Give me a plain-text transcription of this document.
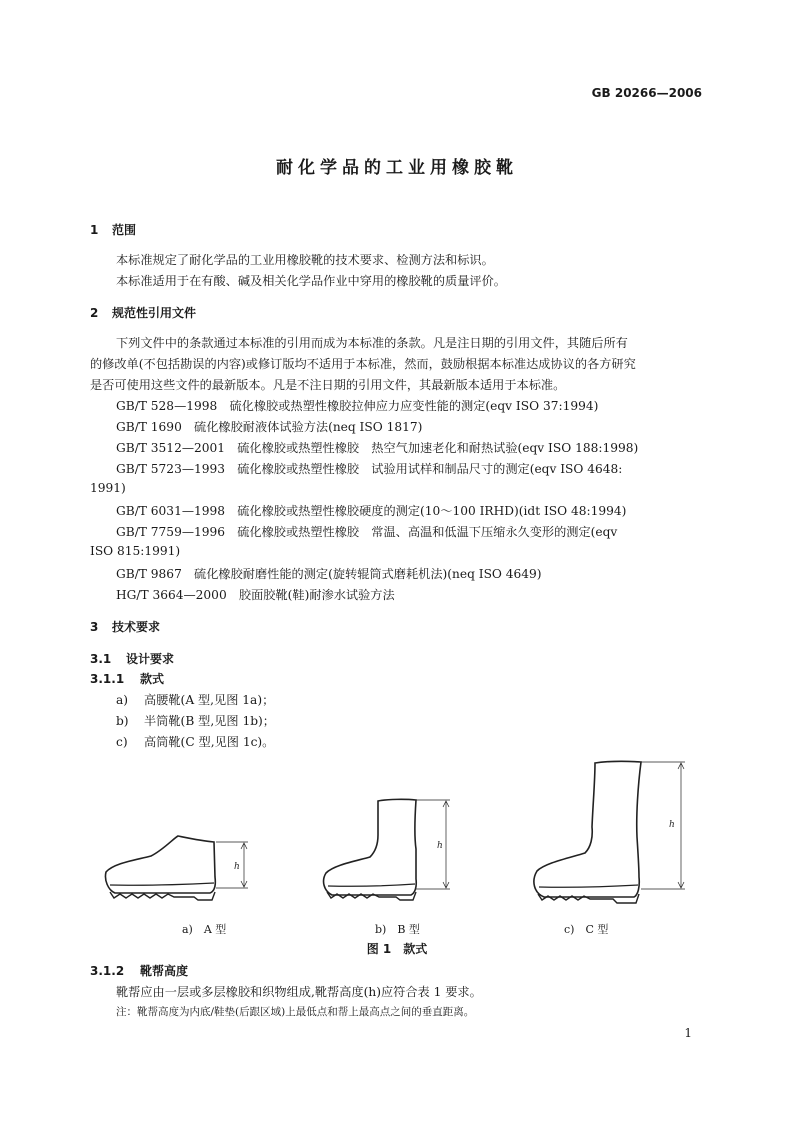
GB 20266—2006
耐化学品的工业用橡胶靴
1 范围
本标准规定了耐化学品的工业用橡胶靴的技术要求、检测方法和标识。
本标准适用于在有酸、碱及相关化学品作业中穿用的橡胶靴的质量评价。
2 规范性引用文件
下列文件中的条款通过本标准的引用而成为本标准的条款。凡是注日期的引用文件，其随后所有
的修改单(不包括勘误的内容)或修订版均不适用于本标准，然而，鼓励根据本标准达成协议的各方研究
是否可使用这些文件的最新版本。凡是不注日期的引用文件，其最新版本适用于本标准。
GB/T 528—1998　硫化橡胶或热塑性橡胶拉伸应力应变性能的测定(eqv ISO 37:1994)
GB/T 1690　硫化橡胶耐液体试验方法(neq ISO 1817)
GB/T 3512—2001　硫化橡胶或热塑性橡胶　热空气加速老化和耐热试验(eqv ISO 188:1998)
GB/T 5723—1993　硫化橡胶或热塑性橡胶　试验用试样和制品尺寸的测定(eqv ISO 4648:
1991)
GB/T 6031—1998　硫化橡胶或热塑性橡胶硬度的测定(10～100 IRHD)(idt ISO 48:1994)
GB/T 7759—1996　硫化橡胶或热塑性橡胶　常温、高温和低温下压缩永久变形的测定(eqv
ISO 815:1991)
GB/T 9867　硫化橡胶耐磨性能的测定(旋转辊筒式磨耗机法)(neq ISO 4649)
HG/T 3664—2000　胶面胶靴(鞋)耐渗水试验方法
3 技术要求
3.1 设计要求
3.1.1 款式
a) 高腰靴(A 型,见图 1a)；
b) 半筒靴(B 型,见图 1b)；
c) 高筒靴(C 型,见图 1c)。
h
h
h
a)　A 型	b)　B 型	c)　C 型
图 1　款式
3.1.2 靴帮高度
靴帮应由一层或多层橡胶和织物组成,靴帮高度(h)应符合表 1 要求。
注：靴帮高度为内底/鞋垫(后跟区域)上最低点和帮上最高点之间的垂直距离。
1
